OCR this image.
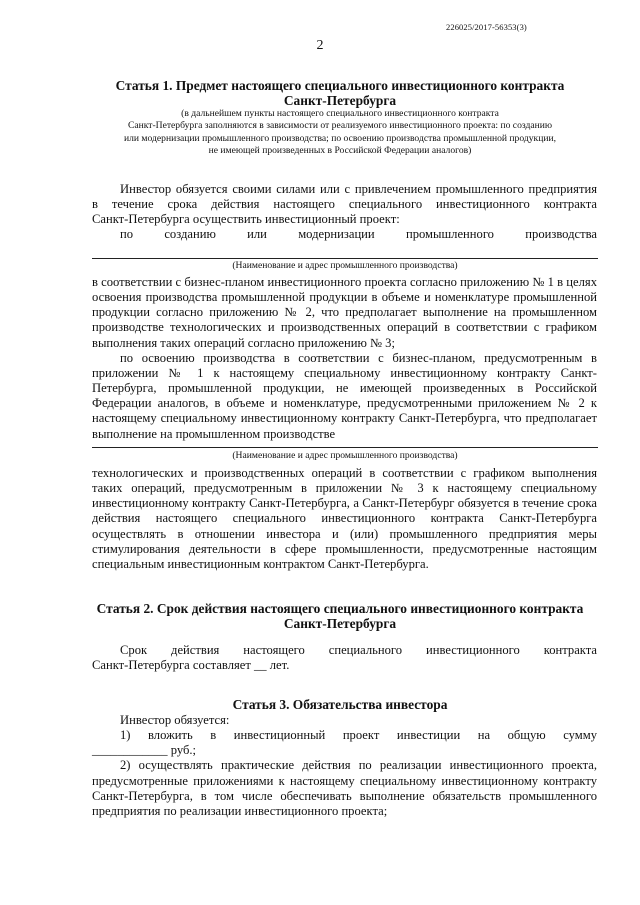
226025/2017-56353(3)
2
Статья 1. Предмет настоящего специального инвестиционного контракта
Санкт-Петербурга
(в дальнейшем пункты настоящего специального инвестиционного контракта
Санкт-Петербурга заполняются в зависимости от реализуемого инвестиционного проекта: по созданию
или модернизации промышленного производства; по освоению производства промышленной продукции,
не имеющей произведенных в Российской Федерации аналогов)

Инвестор обязуется своими силами или с привлечением промышленного предприятия

в течение срока действия настоящего специального инвестиционного контракта

Санкт-Петербурга осуществить инвестиционный проект:

по созданию или модернизации промышленного производства

(Наименование и адрес промышленного производства)

в соответствии с бизнес-планом инвестиционного проекта согласно приложению № 1 в целях освоения производства промышленной продукции в объеме и номенклатуре промышленной продукции согласно приложению № 2, что предполагает выполнение на промышленном производстве технологических и производственных операций в соответствии с графиком выполнения таких операций согласно приложению № 3;

по освоению производства в соответствии с бизнес-планом, предусмотренным в приложении № 1 к настоящему специальному инвестиционному контракту Санкт-Петербурга, промышленной продукции, не имеющей произведенных в Российской Федерации аналогов, в объеме и номенклатуре, предусмотренными приложением № 2 к настоящему специальному инвестиционному контракту Санкт-Петербурга, что предполагает выполнение на промышленном производстве

(Наименование и адрес промышленного производства)

технологических и производственных операций в соответствии с графиком выполнения таких операций, предусмотренным в приложении № 3 к настоящему специальному инвестиционному контракту Санкт-Петербурга, а Санкт-Петербург обязуется в течение срока действия настоящего специального инвестиционного контракта Санкт-Петербурга осуществлять в отношении инвестора и (или) промышленного предприятия меры стимулирования деятельности в сфере промышленности, предусмотренные настоящим специальным инвестиционным контрактом Санкт-Петербурга.

Статья 2. Срок действия настоящего специального инвестиционного контракта
Санкт-Петербурга

Срок действия настоящего специального инвестиционного контракта

Санкт-Петербурга составляет __ лет.

Статья 3. Обязательства инвестора

Инвестор обязуется:

1) вложить в инвестиционный проект инвестиции на общую сумму

____________ руб.;

2) осуществлять практические действия по реализации инвестиционного проекта, предусмотренные приложениями к настоящему специальному инвестиционному контракту Санкт-Петербурга, в том числе обеспечивать выполнение обязательств промышленного предприятия по реализации инвестиционного проекта;
